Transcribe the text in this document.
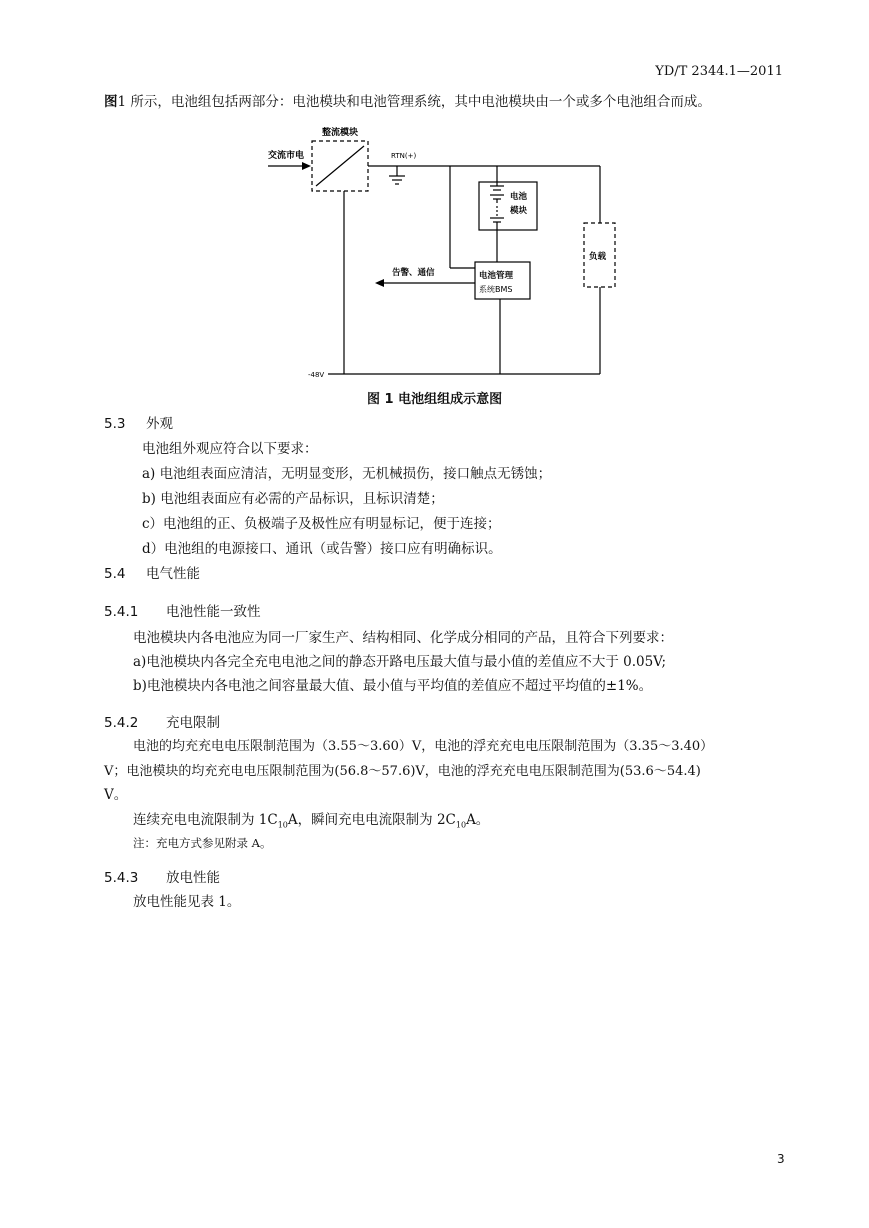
YD/T 2344.1—2011
图1 所示，电池组包括两部分：电池模块和电池管理系统，其中电池模块由一个或多个电池组合而成。
整流模块
交流市电	RTN(+)
电池
模块
负载
告警、通信	电池管理
系统BMS
-48V
图 1 电池组组成示意图
5.3 外观
电池组外观应符合以下要求：
a) 电池组表面应清洁，无明显变形，无机械损伤，接口触点无锈蚀；
b) 电池组表面应有必需的产品标识，且标识清楚；
c）电池组的正、负极端子及极性应有明显标记，便于连接；
d）电池组的电源接口、通讯（或告警）接口应有明确标识。
5.4 电气性能
5.4.1 电池性能一致性
电池模块内各电池应为同一厂家生产、结构相同、化学成分相同的产品，且符合下列要求：
a)电池模块内各完全充电电池之间的静态开路电压最大值与最小值的差值应不大于 0.05V;
b)电池模块内各电池之间容量最大值、最小值与平均值的差值应不超过平均值的±1%。
5.4.2 充电限制
电池的均充充电电压限制范围为（3.55～3.60）V，电池的浮充充电电压限制范围为（3.35～3.40）
V；电池模块的均充充电电压限制范围为(56.8～57.6)V，电池的浮充充电电压限制范围为(53.6～54.4)
V。
连续充电电流限制为 $1C_{10}A$，瞬间充电电流限制为 $2C_{10}A$。
注：充电方式参见附录 A。
5.4.3 放电性能
放电性能见表 1。
3
